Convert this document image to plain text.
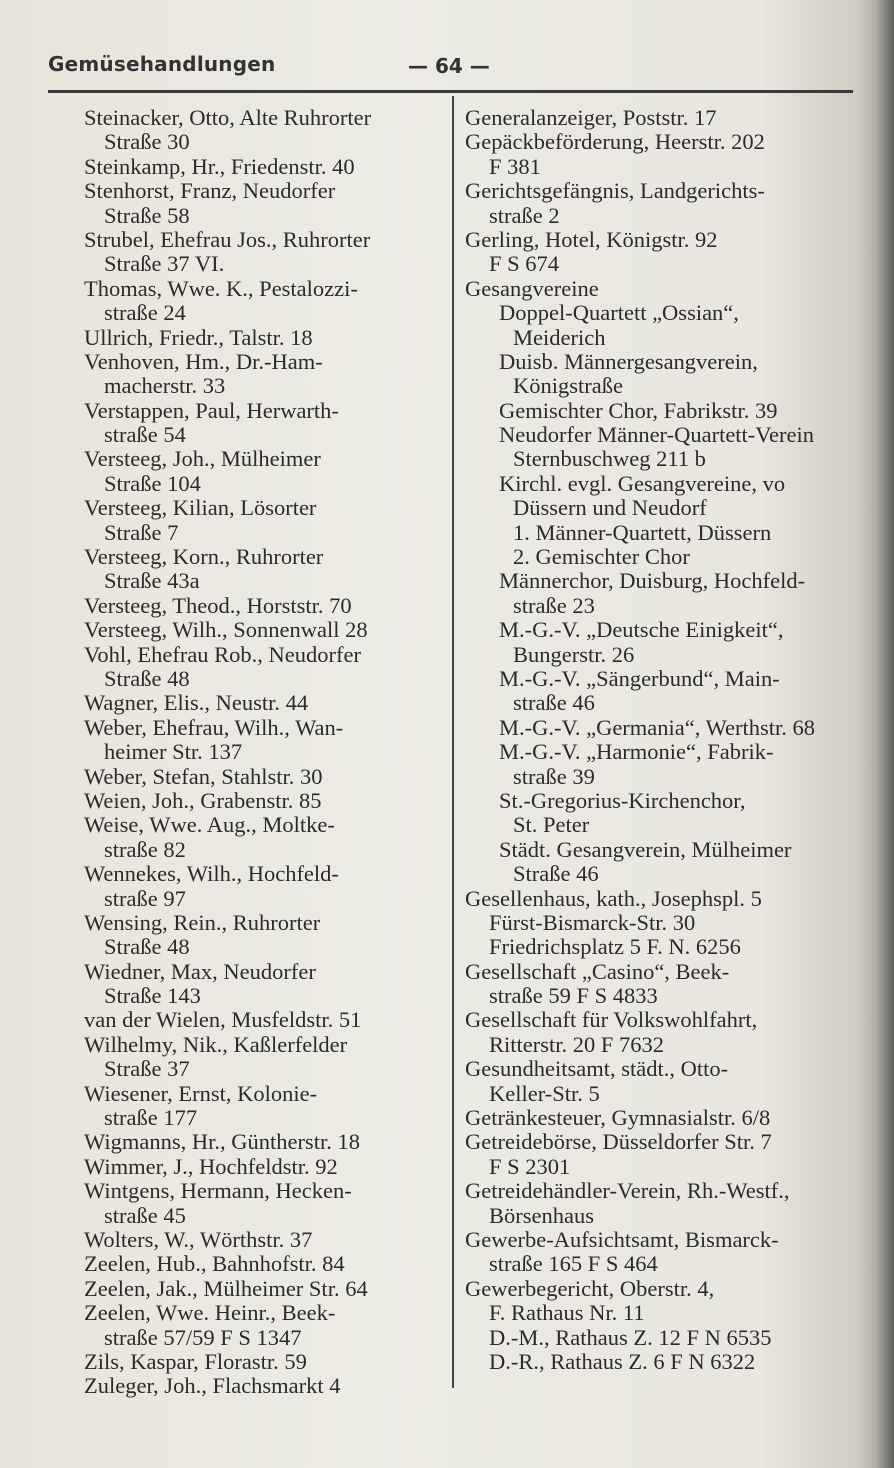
Gemüsehandlungen	— 64 —
Steinacker, Otto, Alte Ruhrorter
Straße 30
Steinkamp, Hr., Friedenstr. 40
Stenhorst, Franz, Neudorfer
Straße 58
Strubel, Ehefrau Jos., Ruhrorter
Straße 37 VI.
Thomas, Wwe. K., Pestalozzi-
straße 24
Ullrich, Friedr., Talstr. 18
Venhoven, Hm., Dr.-Ham-
macherstr. 33
Verstappen, Paul, Herwarth-
straße 54
Versteeg, Joh., Mülheimer
Straße 104
Versteeg, Kilian, Lösorter
Straße 7
Versteeg, Korn., Ruhrorter
Straße 43a
Versteeg, Theod., Horststr. 70
Versteeg, Wilh., Sonnenwall 28
Vohl, Ehefrau Rob., Neudorfer
Straße 48
Wagner, Elis., Neustr. 44
Weber, Ehefrau, Wilh., Wan-
heimer Str. 137
Weber, Stefan, Stahlstr. 30
Weien, Joh., Grabenstr. 85
Weise, Wwe. Aug., Moltke-
straße 82
Wennekes, Wilh., Hochfeld-
straße 97
Wensing, Rein., Ruhrorter
Straße 48
Wiedner, Max, Neudorfer
Straße 143
van der Wielen, Musfeldstr. 51
Wilhelmy, Nik., Kaßlerfelder
Straße 37
Wiesener, Ernst, Kolonie-
straße 177
Wigmanns, Hr., Güntherstr. 18
Wimmer, J., Hochfeldstr. 92
Wintgens, Hermann, Hecken-
straße 45
Wolters, W., Wörthstr. 37
Zeelen, Hub., Bahnhofstr. 84
Zeelen, Jak., Mülheimer Str. 64
Zeelen, Wwe. Heinr., Beek-
straße 57/59 F S 1347
Zils, Kaspar, Florastr. 59
Zuleger, Joh., Flachsmarkt 4
Generalanzeiger, Poststr. 17
Gepäckbeförderung, Heerstr. 202
F 381
Gerichtsgefängnis, Landgerichts-
straße 2
Gerling, Hotel, Königstr. 92
F S 674
Gesangvereine
Doppel-Quartett „Ossian“,
Meiderich
Duisb. Männergesangverein,
Königstraße
Gemischter Chor, Fabrikstr. 39
Neudorfer Männer-Quartett-Verein
Sternbuschweg 211 b
Kirchl. evgl. Gesangvereine, vo
Düssern und Neudorf
1. Männer-Quartett, Düssern
2. Gemischter Chor
Männerchor, Duisburg, Hochfeld-
straße 23
M.-G.-V. „Deutsche Einigkeit“,
Bungerstr. 26
M.-G.-V. „Sängerbund“, Main-
straße 46
M.-G.-V. „Germania“, Werthstr. 68
M.-G.-V. „Harmonie“, Fabrik-
straße 39
St.-Gregorius-Kirchenchor,
St. Peter
Städt. Gesangverein, Mülheimer
Straße 46
Gesellenhaus, kath., Josephspl. 5
Fürst-Bismarck-Str. 30
Friedrichsplatz 5 F. N. 6256
Gesellschaft „Casino“, Beek-
straße 59 F S 4833
Gesellschaft für Volkswohlfahrt,
Ritterstr. 20 F 7632
Gesundheitsamt, städt., Otto-
Keller-Str. 5
Getränkesteuer, Gymnasialstr. 6/8
Getreidebörse, Düsseldorfer Str. 7
F S 2301
Getreidehändler-Verein, Rh.-Westf.,
Börsenhaus
Gewerbe-Aufsichtsamt, Bismarck-
straße 165 F S 464
Gewerbegericht, Oberstr. 4,
F. Rathaus Nr. 11
D.-M., Rathaus Z. 12 F N 6535
D.-R., Rathaus Z. 6 F N 6322
